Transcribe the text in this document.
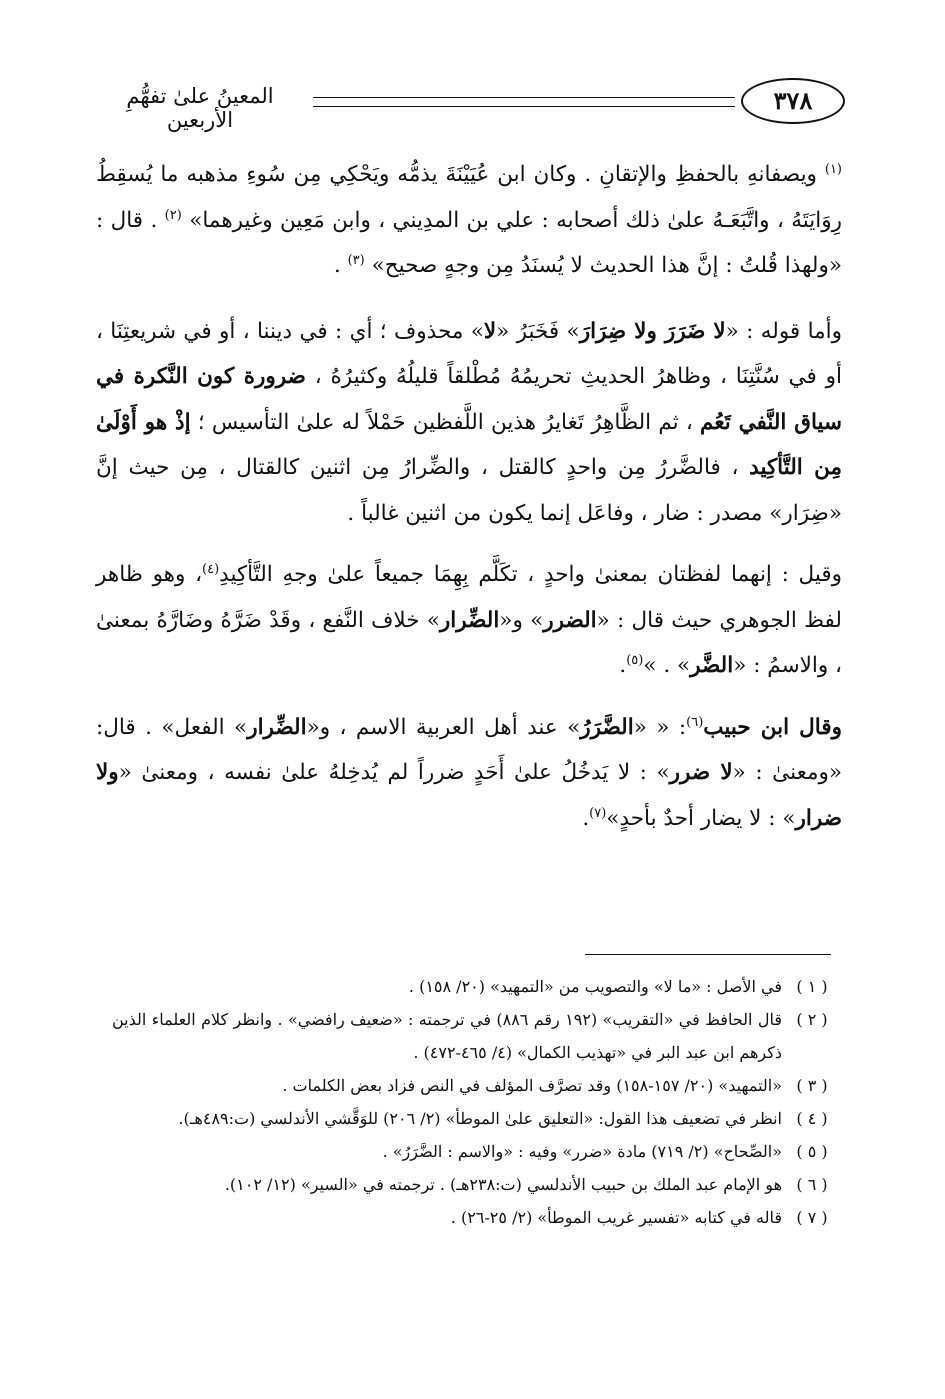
المعينُ علىٰ تفهُّمِ الأربعين
٣٧٨

$^{(١)}$ ويصفانهِ بالحفظِ والإتقانِ . وكان ابن عُيَيْنَةَ يذمُّه ويَحْكِي مِن سُوءِ مذهبه ما يُسقِطُ رِوَايَتَهُ ، واتَّبَعَـهُ علىٰ ذلك أصحابه : علي بن المدِيني ، وابن مَعِين وغيرهما» $^{(٢)}$ . قال : «ولهذا قُلتُ : إنَّ هذا الحديث لا يُسنَدُ مِن وجهٍ صحيح» $^{(٣)}$ .

وأما قوله : «لا ضَرَرَ ولا ضِرَارَ» فَخَبَرُ «لا» محذوف ؛ أي : في ديننا ، أو في شريعتِنَا ، أو في سُنَّتِنَا ، وظاهرُ الحديثِ تحريمُهُ مُطْلقاً قليلُهُ وكثيرُهُ ، ضرورة كون النَّكرة في سياق النَّفي تَعُم ، ثم الظَّاهِرُ تَغايرُ هذين اللَّفظين حَمْلاً له علىٰ التأسيس ؛ إذْ هو أَوْلَىٰ مِن التَّأكِيد ، فالضَّررُ مِن واحدٍ كالقتل ، والضِّرارُ مِن اثنين كالقتال ، مِن حيث إنَّ «ضِرَار» مصدر : ضار ، وفاعَل إنما يكون من اثنين غالباً .

وقيل : إنهما لفظتان بمعنىٰ واحدٍ ، تكَلَّم بِهِمَا جميعاً علىٰ وجهِ التَّأكِيدِ$^{(٤)}$، وهو ظاهر لفظ الجوهري حيث قال : «الضرر» و«الضِّرار» خلاف النَّفع ، وقَدْ ضَرَّهُ وضَارَّهُ بمعنىٰ ، والاسمُ : «الضَّر» . »$^{(٥)}$.

وقال ابن حبيب$^{(٦)}$: « «الضَّرَرُ» عند أهل العربية الاسم ، و«الضِّرار» الفعل» . قال: «ومعنىٰ : «لا ضرر» : لا يَدخُلُ علىٰ أَحَدٍ ضرراً لم يُدخِلهُ علىٰ نفسه ، ومعنىٰ «ولا ضرار» : لا يضار أحدٌ بأحدٍ»$^{(٧)}$.

( ١ )
في الأصل : «ما لا» والتصويب من «التمهيد» (٢٠/ ١٥٨) .
( ٢ )
قال الحافظ في «التقريب» (١٩٢ رقم ٨٨٦) في ترجمته : «ضعيف رافضي» . وانظر كلام العلماء الذين ذكرهم ابن عبد البر في «تهذيب الكمال» (٤/ ٤٦٥-٤٧٢) .
( ٣ )
«التمهيد» (٢٠/ ١٥٧-١٥٨) وقد تصرَّف المؤلف في النص فزاد بعض الكلمات .
( ٤ )
انظر في تضعيف هذا القول: «التعليق علىٰ الموطأ» (٢/ ٢٠٦) للوَقَّشي الأندلسي (ت:٤٨٩هـ).
( ٥ )
«الصِّحاح» (٢/ ٧١٩) مادة «ضرر» وفيه : «والاسم : الضَّرَرُ» .
( ٦ )
هو الإمام عبد الملك بن حبيب الأندلسي (ت:٢٣٨هـ) . ترجمته في «السير» (١٢/ ١٠٢).
( ٧ )
قاله في كتابه «تفسير غريب الموطأ» (٢/ ٢٥-٢٦) .
